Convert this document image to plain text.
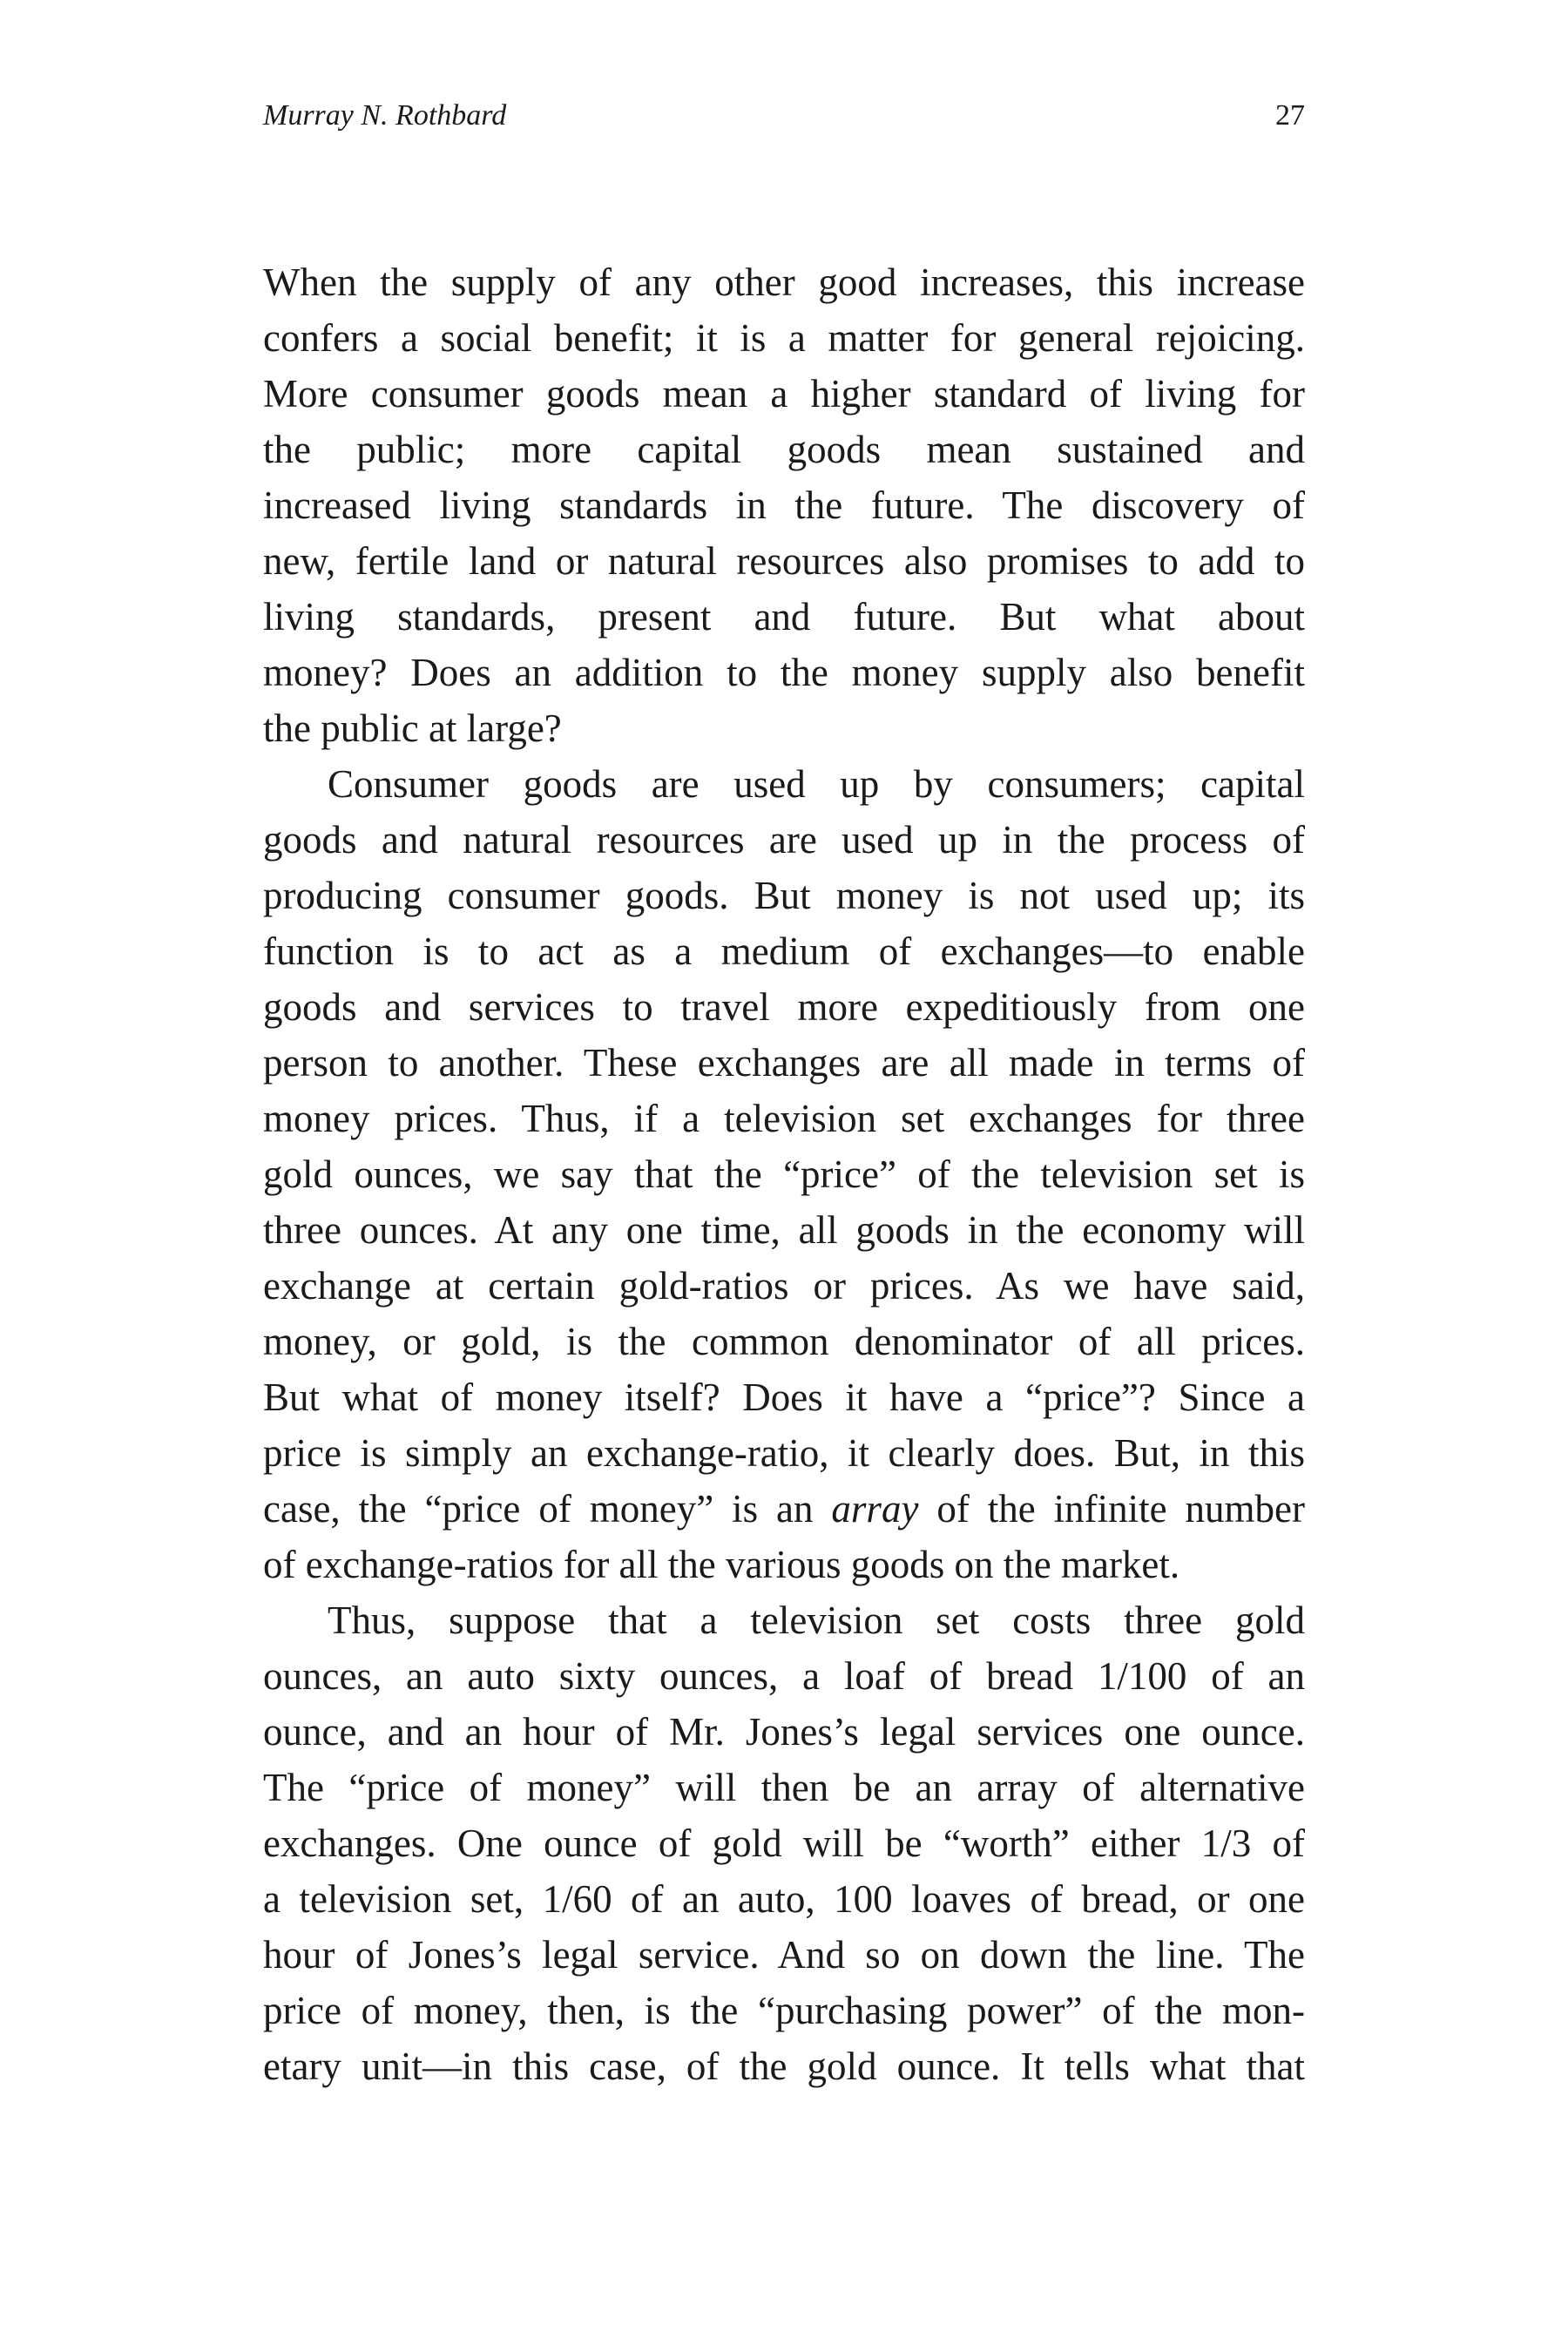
Murray N. Rothbard	27
When the supply of any other good increases, this increase
confers a social benefit; it is a matter for general rejoicing.
More consumer goods mean a higher standard of living for
the public; more capital goods mean sustained and
increased living standards in the future. The discovery of
new, fertile land or natural resources also promises to add to
living standards, present and future. But what about
money? Does an addition to the money supply also benefit
the public at large?
Consumer goods are used up by consumers; capital
goods and natural resources are used up in the process of
producing consumer goods. But money is not used up; its
function is to act as a medium of exchanges—to enable
goods and services to travel more expeditiously from one
person to another. These exchanges are all made in terms of
money prices. Thus, if a television set exchanges for three
gold ounces, we say that the “price” of the television set is
three ounces. At any one time, all goods in the economy will
exchange at certain gold-ratios or prices. As we have said,
money, or gold, is the common denominator of all prices.
But what of money itself? Does it have a “price”? Since a
price is simply an exchange-ratio, it clearly does. But, in this
case, the “price of money” is an array of the infinite number
of exchange-ratios for all the various goods on the market.
Thus, suppose that a television set costs three gold
ounces, an auto sixty ounces, a loaf of bread 1/100 of an
ounce, and an hour of Mr. Jones’s legal services one ounce.
The “price of money” will then be an array of alternative
exchanges. One ounce of gold will be “worth” either 1/3 of
a television set, 1/60 of an auto, 100 loaves of bread, or one
hour of Jones’s legal service. And so on down the line. The
price of money, then, is the “purchasing power” of the mon-
etary unit—in this case, of the gold ounce. It tells what that
